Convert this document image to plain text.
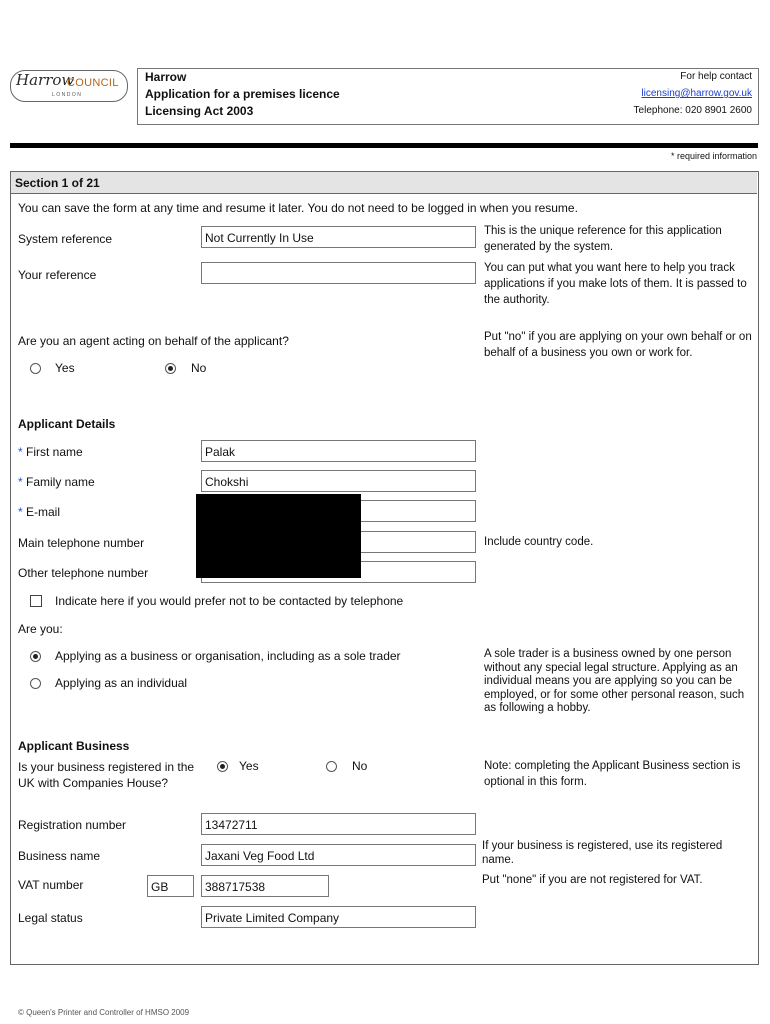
Harrow
COUNCIL
LONDON
Harrow
Application for a premises licence
Licensing Act 2003
For help contact
licensing@harrow.gov.uk
Telephone: 020 8901 2600
* required information
Section 1 of 21
You can save the form at any time and resume it later. You do not need to be logged in when you resume.
System reference	Not Currently In Use	This is the unique reference for this application generated by the system.
Your reference	You can put what you want here to help you track applications if you make lots of them. It is passed to the authority.
Are you an agent acting on behalf of the applicant?	Put "no" if you are applying on your own behalf or on behalf of a business you own or work for.
Yes	No
Applicant Details
* First name	Palak
* Family name	Chokshi
* E-mail
Main telephone number	Include country code.
Other telephone number
Indicate here if you would prefer not to be contacted by telephone
Are you:
Applying as a business or organisation, including as a sole trader
Applying as an individual
A sole trader is a business owned by one person without any special legal structure. Applying as an individual means you are applying so you can be employed, or for some other personal reason, such as following a hobby.
Applicant Business
Is your business registered in the UK with Companies House?
Yes	No	Note: completing the Applicant Business section is optional in this form.
Registration number	13472711
Business name	Jaxani Veg Food Ltd
If your business is registered, use its registered name.
VAT number	GB	388717538	Put "none" if you are not registered for VAT.
Legal status	Private Limited Company
© Queen's Printer and Controller of HMSO 2009
